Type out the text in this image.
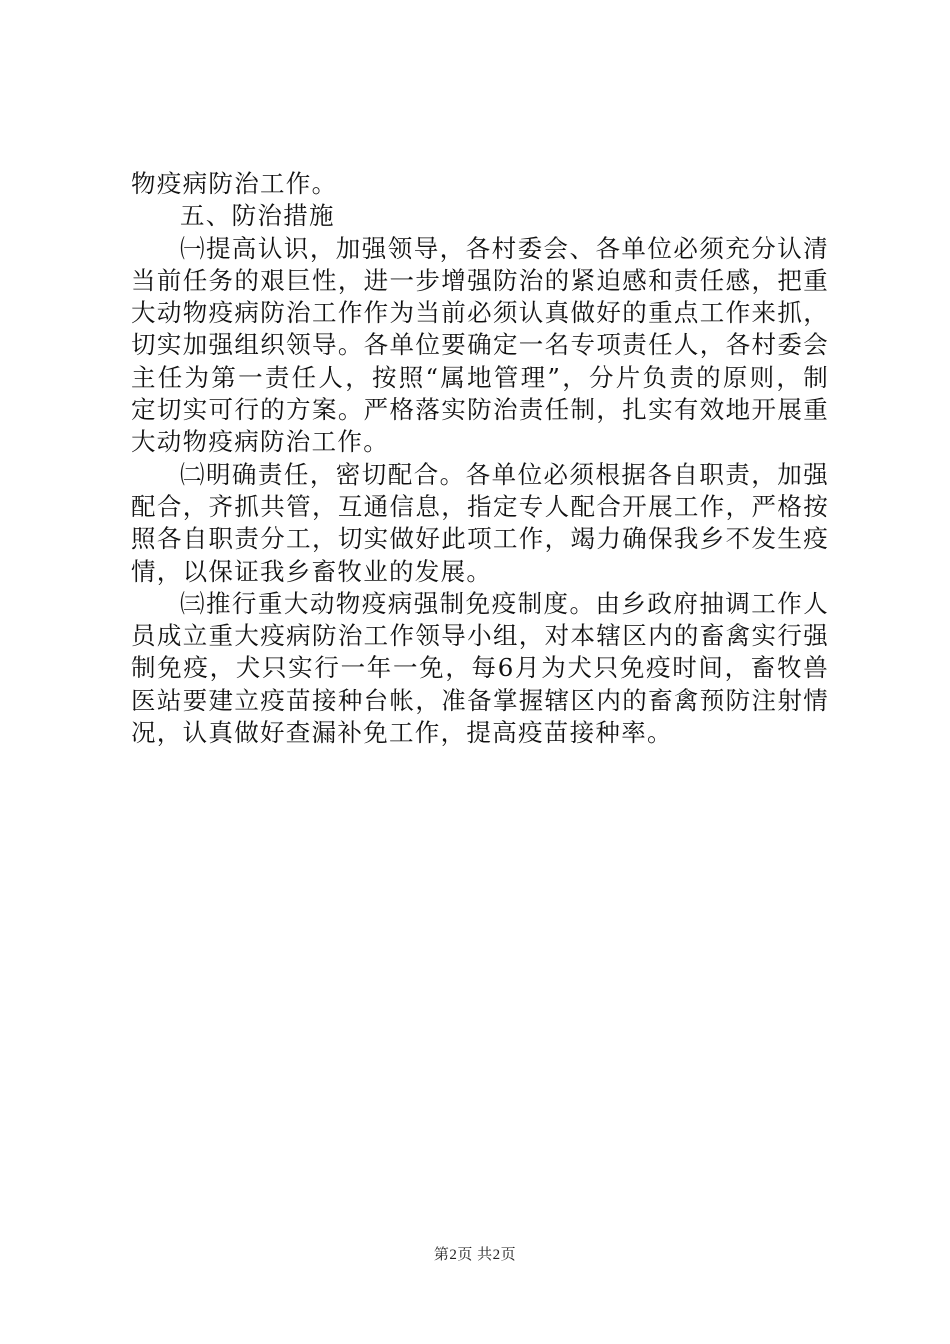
物疫病防治工作。

五、防治措施

㈠提高认识，加强领导，各村委会、各单位必须充分认清当前任务的艰巨性，进一步增强防治的紧迫感和责任感，把重大动物疫病防治工作作为当前必须认真做好的重点工作来抓，切实加强组织领导。各单位要确定一名专项责任人，各村委会主任为第一责任人，按照“属地管理”，分片负责的原则，制定切实可行的方案。严格落实防治责任制，扎实有效地开展重大动物疫病防治工作。

㈡明确责任，密切配合。各单位必须根据各自职责，加强配合，齐抓共管，互通信息，指定专人配合开展工作，严格按照各自职责分工，切实做好此项工作，竭力确保我乡不发生疫情，以保证我乡畜牧业的发展。

㈢推行重大动物疫病强制免疫制度。由乡政府抽调工作人员成立重大疫病防治工作领导小组，对本辖区内的畜禽实行强制免疫，犬只实行一年一免，每6月为犬只免疫时间，畜牧兽医站要建立疫苗接种台帐，准备掌握辖区内的畜禽预防注射情况，认真做好查漏补免工作，提高疫苗接种率。

第2页 共2页
